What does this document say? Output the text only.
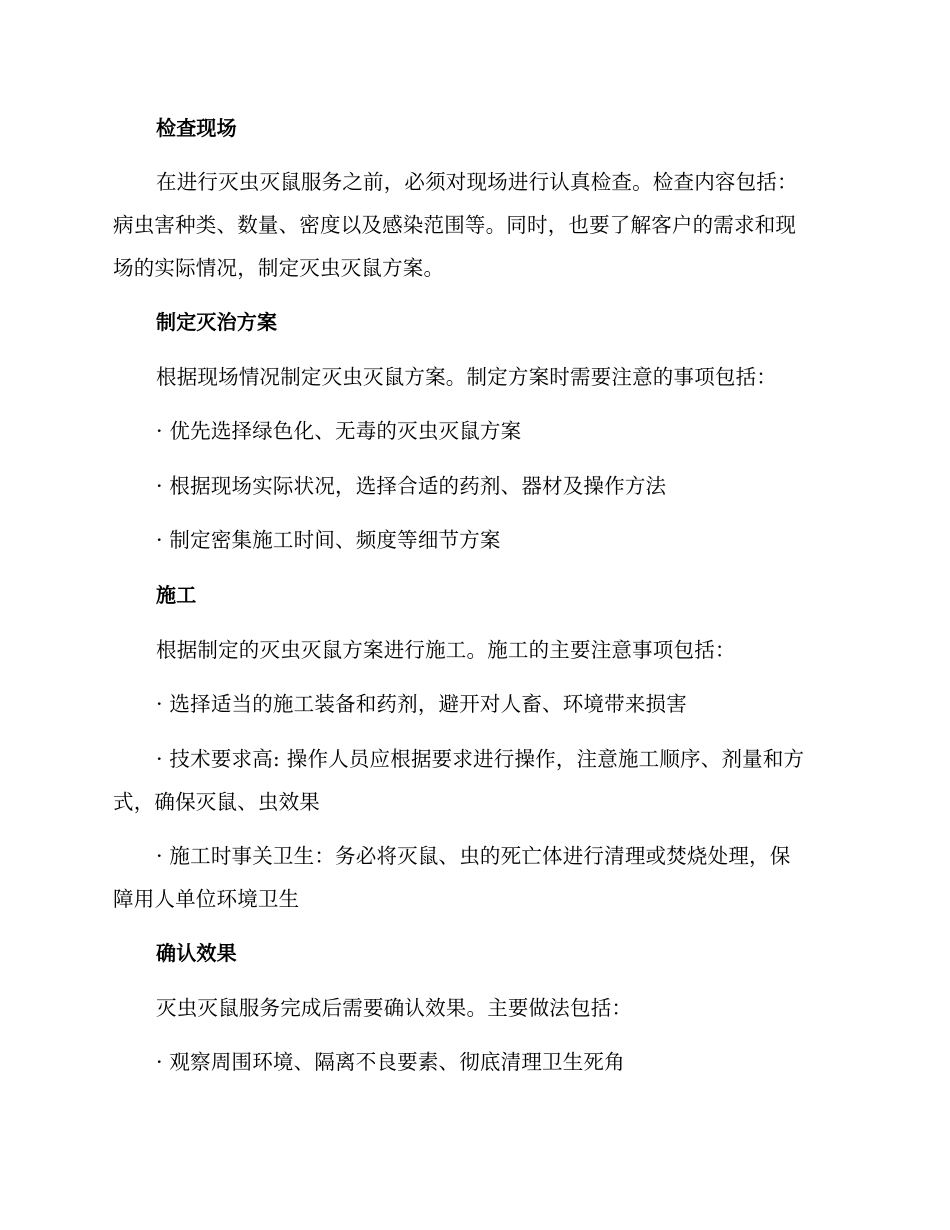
检查现场
在进行灭虫灭鼠服务之前，必须对现场进行认真检查。检查内容包括：
病虫害种类、数量、密度以及感染范围等。同时，也要了解客户的需求和现
场的实际情况，制定灭虫灭鼠方案。
制定灭治方案
根据现场情况制定灭虫灭鼠方案。制定方案时需要注意的事项包括：
· 优先选择绿色化、无毒的灭虫灭鼠方案
· 根据现场实际状况，选择合适的药剂、器材及操作方法
· 制定密集施工时间、频度等细节方案
施工
根据制定的灭虫灭鼠方案进行施工。施工的主要注意事项包括：
· 选择适当的施工装备和药剂，避开对人畜、环境带来损害
· 技术要求高: 操作人员应根据要求进行操作，注意施工顺序、剂量和方
式，确保灭鼠、虫效果
· 施工时事关卫生：务必将灭鼠、虫的死亡体进行清理或焚烧处理，保
障用人单位环境卫生
确认效果
灭虫灭鼠服务完成后需要确认效果。主要做法包括：
· 观察周围环境、隔离不良要素、彻底清理卫生死角
